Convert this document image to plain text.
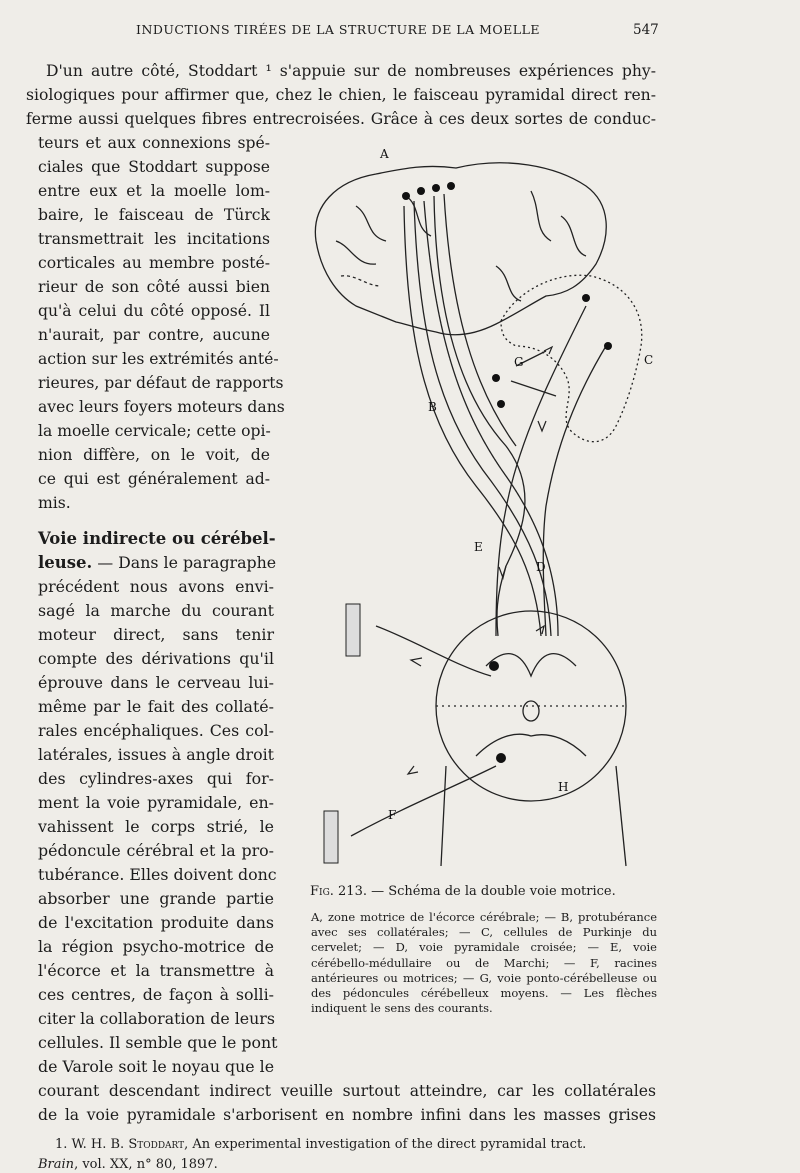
INDUCTIONS TIRÉES DE LA STRUCTURE DE LA MOELLE	547
D'un autre côté, Stoddart ¹ s'appuie sur de nombreuses expériences phy-
siologiques pour affirmer que, chez le chien, le faisceau pyramidal direct ren-
ferme aussi quelques fibres entrecroisées. Grâce à ces deux sortes de conduc-
teurs et aux connexions spé-
ciales que Stoddart suppose
entre eux et la moelle lom-
baire, le faisceau de Türck
transmettrait les incitations
corticales au membre posté-
rieur de son côté aussi bien
qu'à celui du côté opposé. Il
n'aurait, par contre, aucune
action sur les extrémités anté-
rieures, par défaut de rapports
avec leurs foyers moteurs dans
la moelle cervicale; cette opi-
nion diffère, on le voit, de
ce qui est généralement ad-
mis.
Voie indirecte ou cérébel-
leuse. — Dans le paragraphe
précédent nous avons envi-
sagé la marche du courant
moteur direct, sans tenir
compte des dérivations qu'il
éprouve dans le cerveau lui-
même par le fait des collaté-
rales encéphaliques. Ces col-
latérales, issues à angle droit
des cylindres-axes qui for-
ment la voie pyramidale, en-
vahissent le corps strié, le
pédoncule cérébral et la pro-
tubérance. Elles doivent donc
absorber une grande partie
de l'excitation produite dans
la région psycho-motrice de
l'écorce et la transmettre à
ces centres, de façon à solli-
citer la collaboration de leurs
cellules. Il semble que le pont
de Varole soit le noyau que le
courant descendant indirect veuille surtout atteindre, car les collatérales
de la voie pyramidale s'arborisent en nombre infini dans les masses grises
A
B
C
D
E
F
G
H
Fig. 213. — Schéma de la double voie motrice.
A, zone motrice de l'écorce cérébrale; — B, protubérance avec ses collatérales; — C, cellules de Purkinje du cervelet; — D, voie pyramidale croisée; — E, voie cérébello-médullaire ou de Marchi; — F, racines antérieures ou motrices; — G, voie ponto-cérébelleuse ou des pédoncules cérébelleux moyens. — Les flèches indiquent le sens des courants.
1. W. H. B. Stoddart, An experimental investigation of the direct pyramidal tract.
Brain, vol. XX, n° 80, 1897.
